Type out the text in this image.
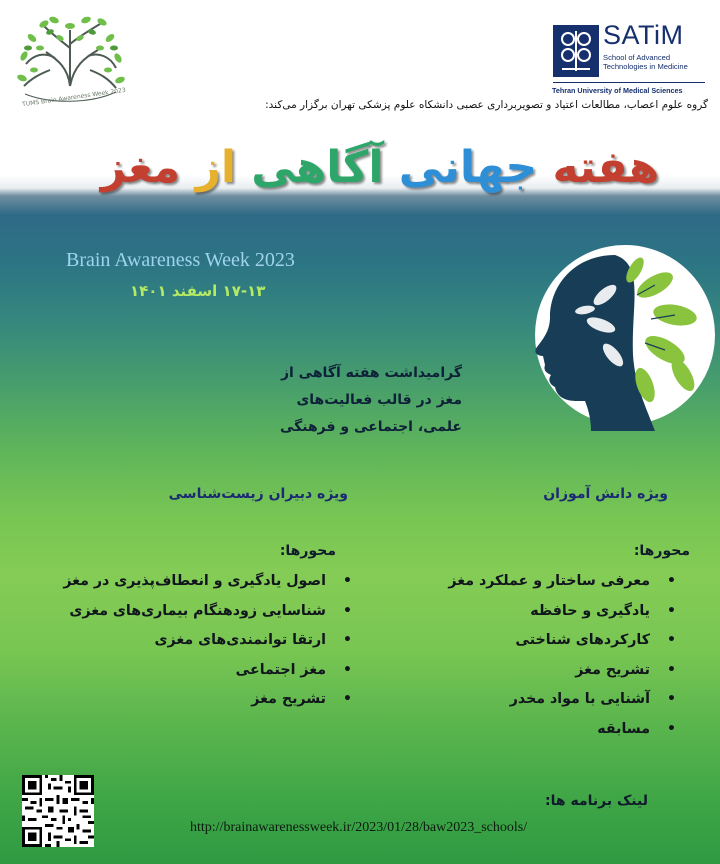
TUMS Brain Awareness Week 2023
SATiM
School of Advanced
Technologies in Medicine
Tehran University of Medical Sciences
گروه علوم اعصاب، مطالعات اعتیاد و تصویربرداری عصبی دانشکاه علوم پزشکی تهران برگزار می‌کند:
هفته جهانی آگاهی از مغز
Brain Awareness Week 2023
۱۷-۱۳ اسفند ۱۴۰۱
گرامیداشت هفته آگاهی از مغز در قالب فعالیت‌های علمی، اجتماعی و فرهنگی
ویژه دانش آموزان
محورها:
• معرفی ساختار و عملکرد مغز
• یادگیری و حافظه
• کارکردهای شناختی
• تشریح مغز
• آشنایی با مواد مخدر
• مسابقه
ویژه دبیران زیست‌شناسی
محورها:
• اصول یادگیری و انعطاف‌پذیری در مغز
• شناسایی زودهنگام بیماری‌های مغزی
• ارتقا توانمندی‌های مغزی
• مغز اجتماعی
• تشریح مغز
لینک برنامه ها:
http://brainawarenessweek.ir/2023/01/28/baw2023_schools/
